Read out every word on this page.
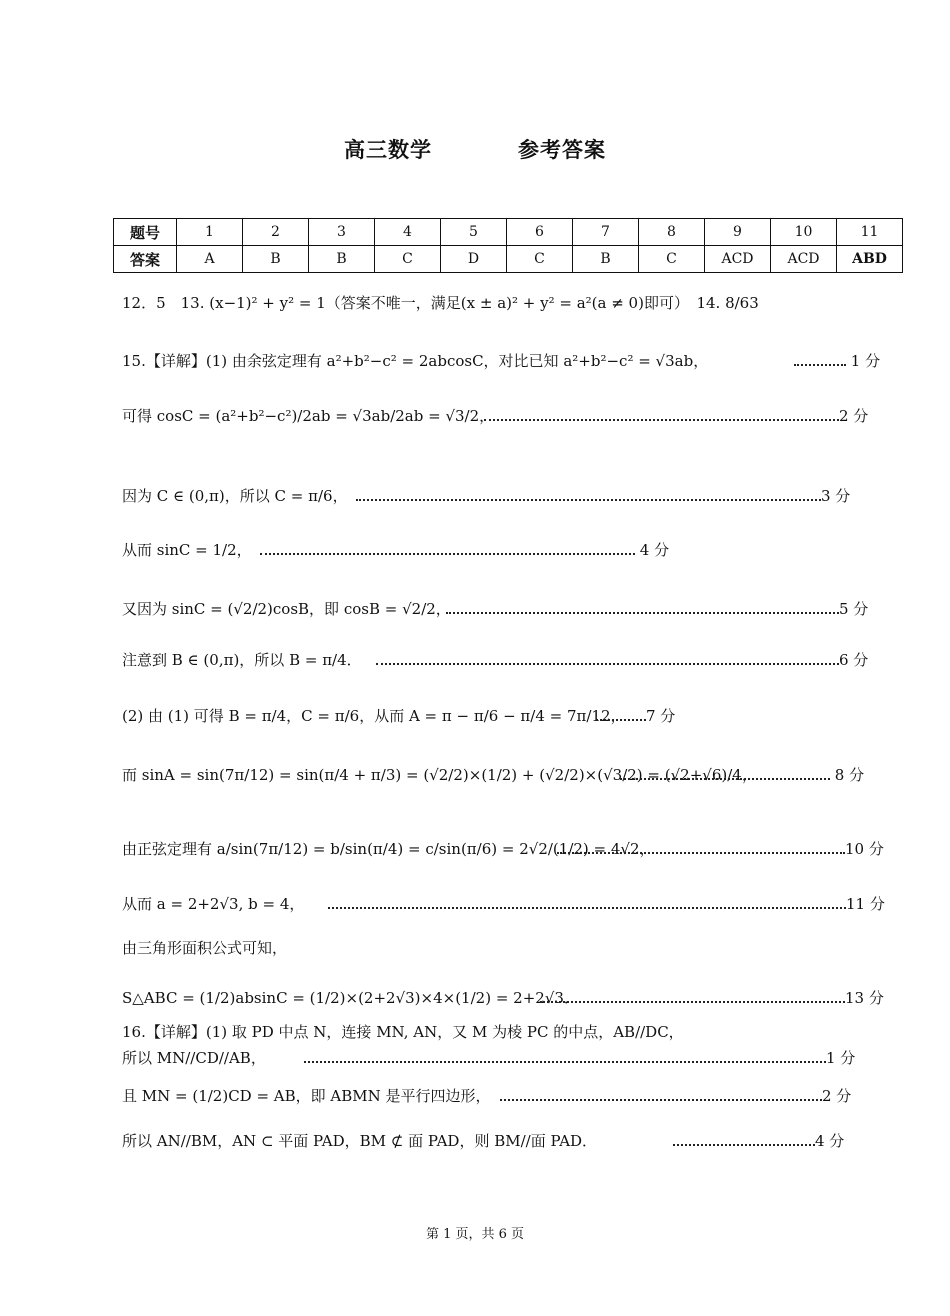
高三数学	参考答案
题号	1	2	3	4	5	6	7	8	9	10	11
答案	A	B	B	C	D	C	B	C	ACD	ACD	ABD
12．5　13. (x−1)² + y² = 1（答案不唯一，满足(x ± a)² + y² = a²(a ≠ 0)即可）　14. 8/63
15.【详解】(1) 由余弦定理有 a²+b²−c² = 2abcosC，对比已知 a²+b²−c² = √3ab，	1 分
可得 cosC = (a²+b²−c²)/2ab = √3ab/2ab = √3/2，	2 分
因为 C ∈ (0,π)，所以 C = π/6，	3 分
从而 sinC = 1/2，	4 分
又因为 sinC = (√2/2)cosB，即 cosB = √2/2，	5 分
注意到 B ∈ (0,π)，所以 B = π/4．	6 分
(2) 由 (1) 可得 B = π/4，C = π/6，从而 A = π − π/6 − π/4 = 7π/12，	7 分
而 sinA = sin(7π/12) = sin(π/4 + π/3) = (√2/2)×(1/2) + (√2/2)×(√3/2) = (√2+√6)/4，	8 分
由正弦定理有 a/sin(7π/12) = b/sin(π/4) = c/sin(π/6) = 2√2/(1/2) = 4√2，	10 分
从而 a = 2+2√3, b = 4，	11 分
由三角形面积公式可知，
S△ABC = (1/2)absinC = (1/2)×(2+2√3)×4×(1/2) = 2+2√3．	13 分
16.【详解】(1) 取 PD 中点 N，连接 MN, AN，又 M 为棱 PC 的中点，AB//DC，
所以 MN//CD//AB，	1 分
且 MN = (1/2)CD = AB，即 ABMN 是平行四边形，	2 分
所以 AN//BM，AN ⊂ 平面 PAD，BM ⊄ 面 PAD，则 BM//面 PAD．	4 分
第 1 页，共 6 页
